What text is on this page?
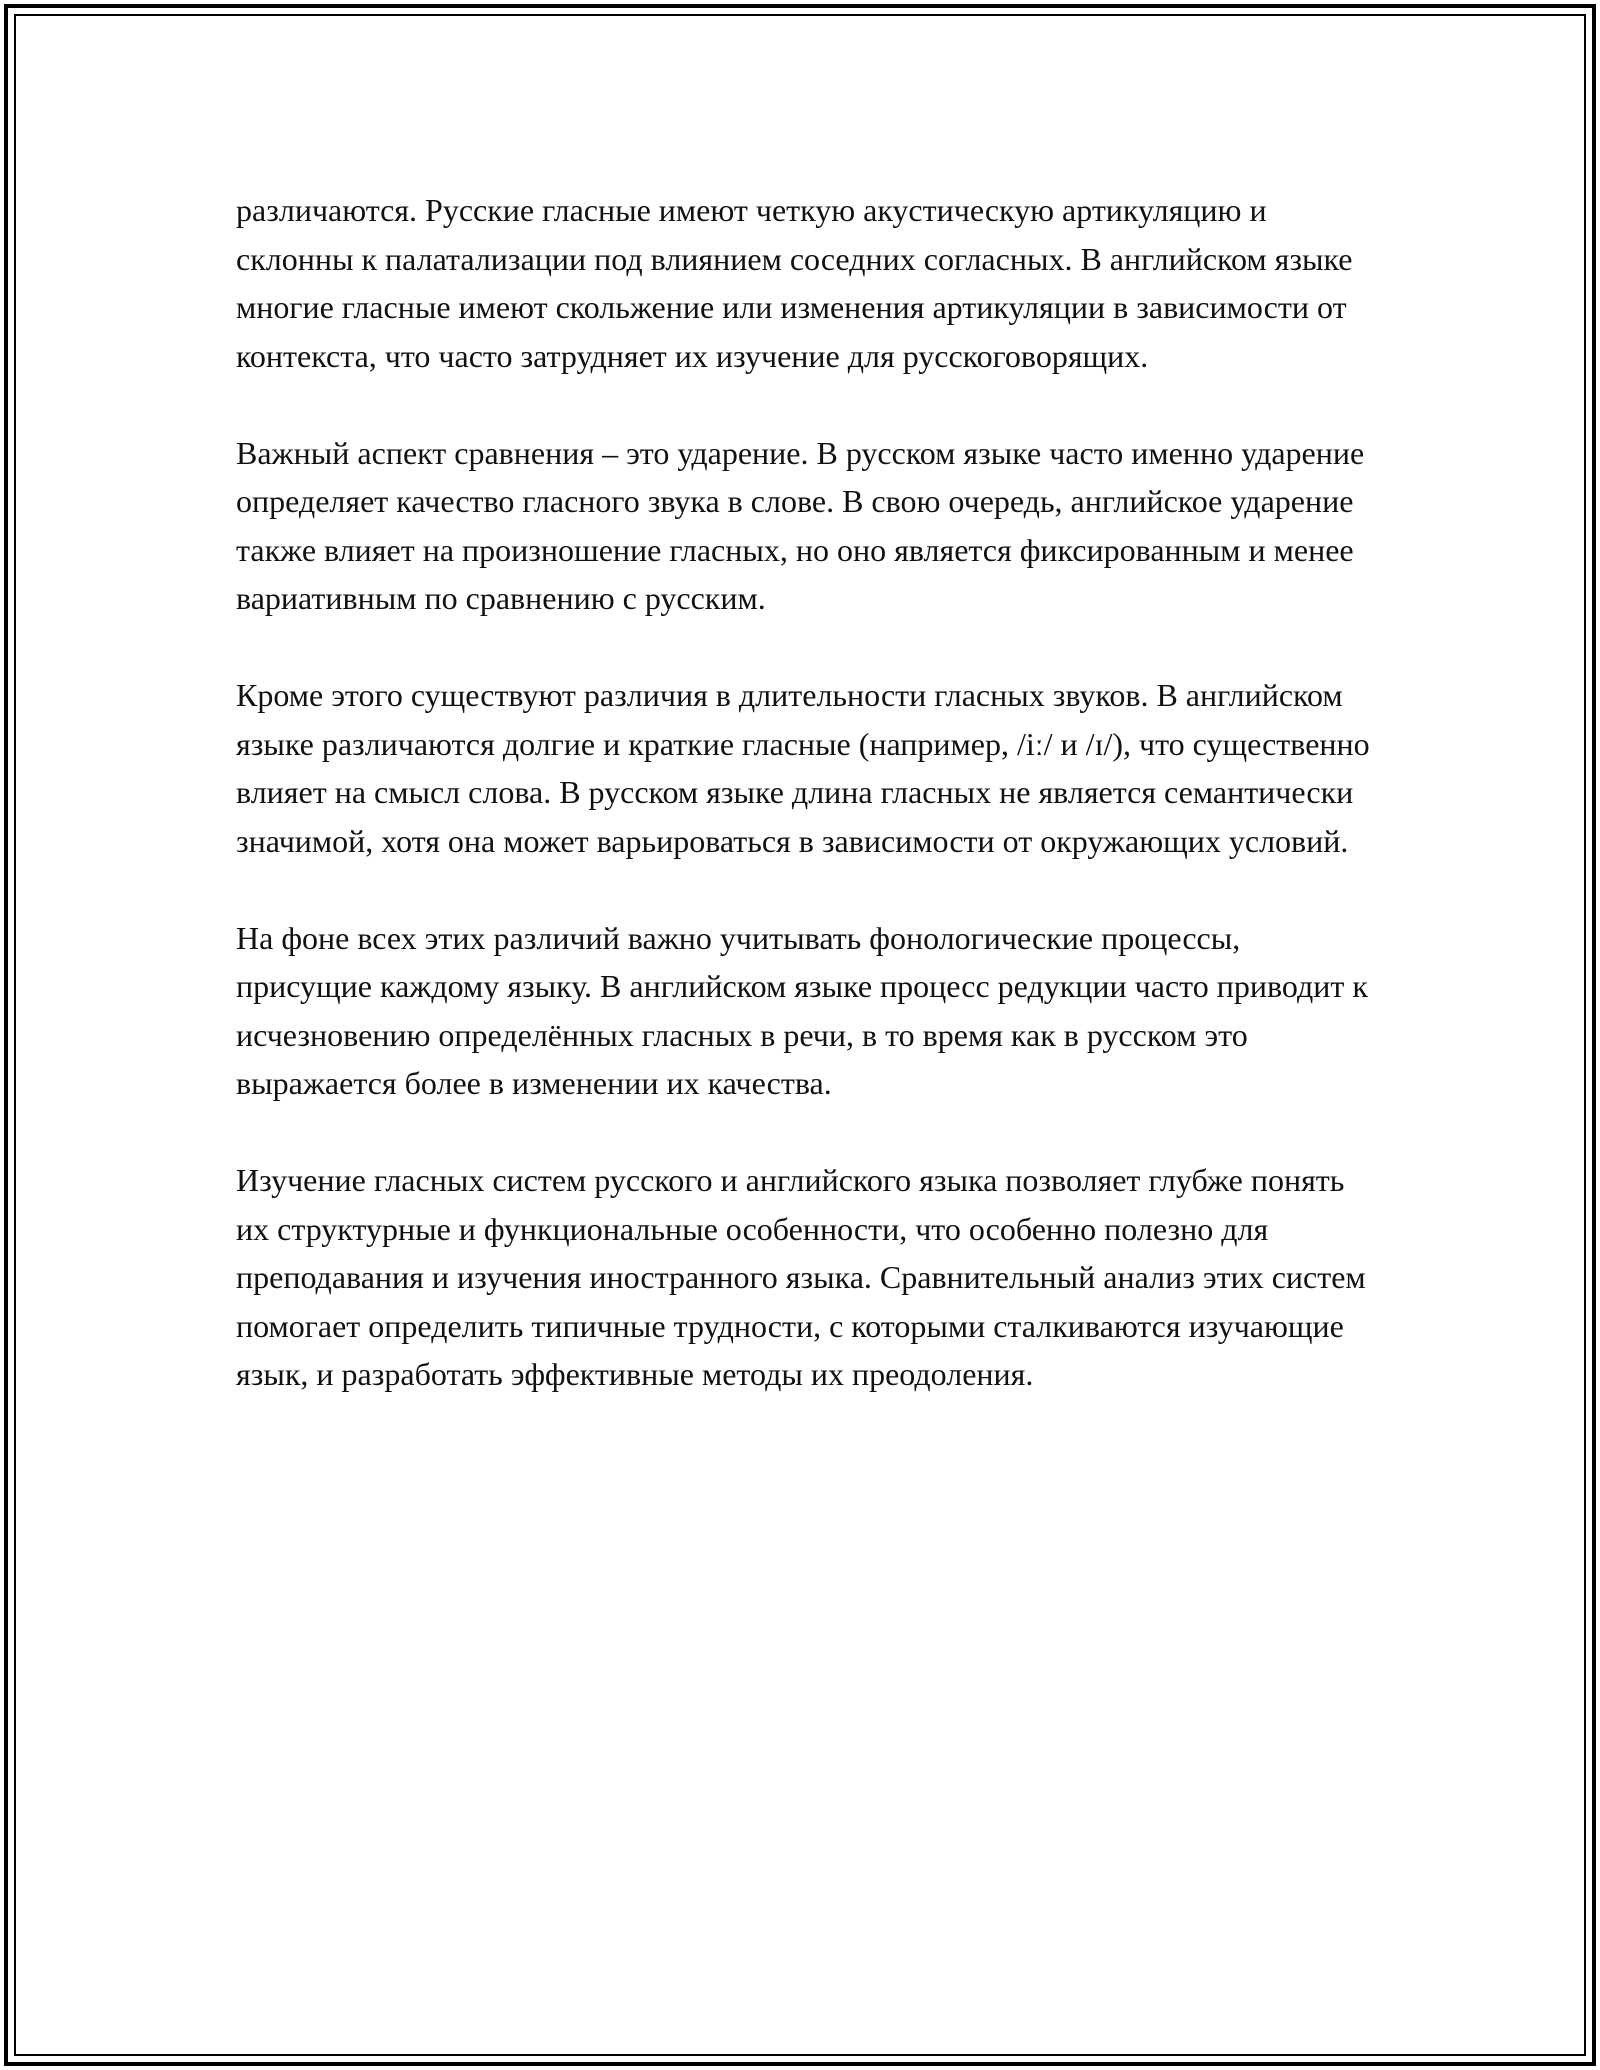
различаются. Русские гласные имеют четкую акустическую артикуляцию и склонны к палатализации под влиянием соседних согласных. В английском языке многие гласные имеют скольжение или изменения артикуляции в зависимости от контекста, что часто затрудняет их изучение для русскоговорящих.

Важный аспект сравнения – это ударение. В русском языке часто именно ударение определяет качество гласного звука в слове. В свою очередь, английское ударение также влияет на произношение гласных, но оно является фиксированным и менее вариативным по сравнению с русским.

Кроме этого существуют различия в длительности гласных звуков. В английском языке различаются долгие и краткие гласные (например, /iː/ и /ɪ/), что существенно влияет на смысл слова. В русском языке длина гласных не является семантически значимой, хотя она может варьироваться в зависимости от окружающих условий.

На фоне всех этих различий важно учитывать фонологические процессы, присущие каждому языку. В английском языке процесс редукции часто приводит к исчезновению определённых гласных в речи, в то время как в русском это выражается более в изменении их качества.

Изучение гласных систем русского и английского языка позволяет глубже понять их структурные и функциональные особенности, что особенно полезно для преподавания и изучения иностранного языка. Сравнительный анализ этих систем помогает определить типичные трудности, с которыми сталкиваются изучающие язык, и разработать эффективные методы их преодоления.
